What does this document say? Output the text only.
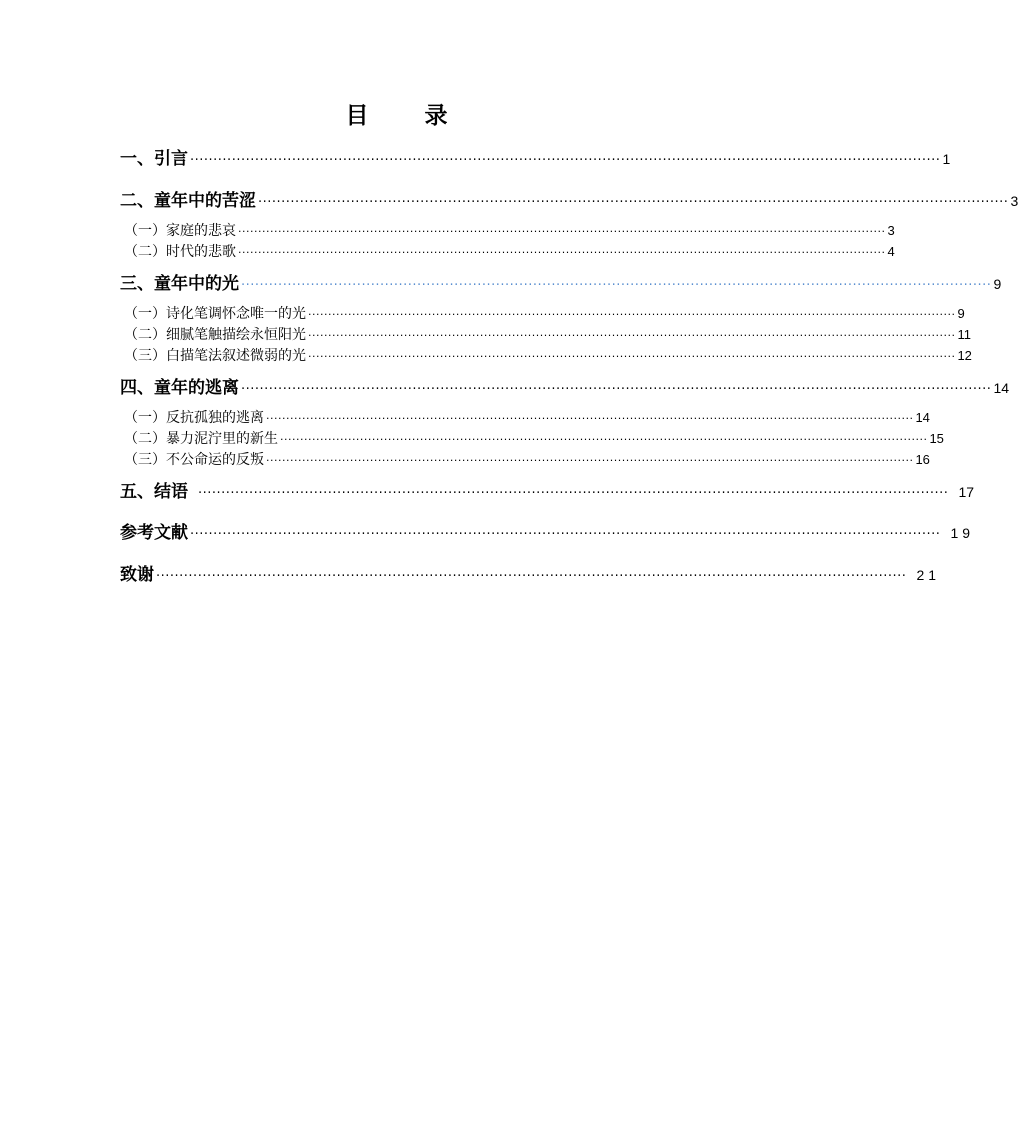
目 录
一、引言 ·································································································································································· 1
二、童年中的苦涩 ·································································································································································· 3
（一）家庭的悲哀 ·································································································································································· 3
（二）时代的悲歌 ·································································································································································· 4
三、童年中的光 ·································································································································································· 9
（一）诗化笔调怀念唯一的光 ·································································································································································· 9
（二）细腻笔触描绘永恒阳光 ·································································································································································· 11
（三）白描笔法叙述微弱的光 ·································································································································································· 12
四、童年的逃离 ·································································································································································· 14
（一）反抗孤独的逃离 ·································································································································································· 14
（二）暴力泥泞里的新生 ·································································································································································· 15
（三）不公命运的反叛 ·································································································································································· 16
五、结语 ·································································································································································· 17
参考文献 ·································································································································································· 19
致谢 ·································································································································································· 21
